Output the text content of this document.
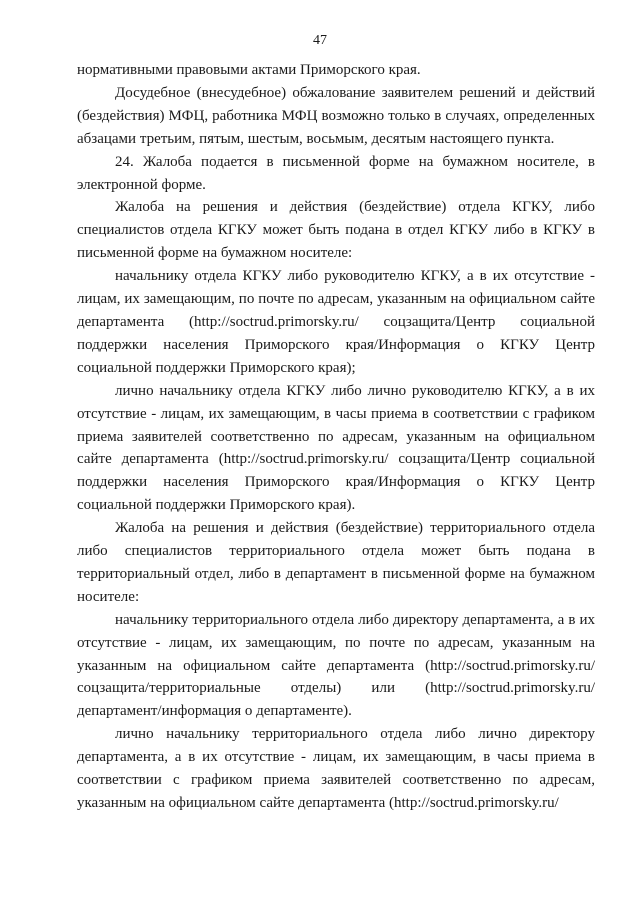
47

нормативными правовыми актами Приморского края.

Досудебное (внесудебное) обжалование заявителем решений и действий (бездействия) МФЦ, работника МФЦ возможно только в случаях, определенных абзацами третьим, пятым, шестым, восьмым, десятым настоящего пункта.

24. Жалоба подается в письменной форме на бумажном носителе, в электронной форме.

Жалоба на решения и действия (бездействие) отдела КГКУ, либо специалистов отдела КГКУ может быть подана в отдел КГКУ либо в КГКУ в письменной форме на бумажном носителе:

начальнику отдела КГКУ либо руководителю КГКУ, а в их отсутствие - лицам, их замещающим, по почте по адресам, указанным на официальном сайте департамента (http://soctrud.primorsky.ru/ соцзащита/Центр социальной поддержки населения Приморского края/Информация о КГКУ Центр социальной поддержки Приморского края);

лично начальнику отдела КГКУ либо лично руководителю КГКУ, а в их отсутствие - лицам, их замещающим, в часы приема в соответствии с графиком приема заявителей соответственно по адресам, указанным на официальном сайте департамента (http://soctrud.primorsky.ru/ соцзащита/Центр социальной поддержки населения Приморского края/Информация о КГКУ Центр социальной поддержки Приморского края).

Жалоба на решения и действия (бездействие) территориального отдела либо специалистов территориального отдела может быть подана в территориальный отдел, либо в департамент в письменной форме на бумажном носителе:

начальнику территориального отдела либо директору департамента, а в их отсутствие - лицам, их замещающим, по почте по адресам, указанным на указанным на официальном сайте департамента (http://soctrud.primorsky.ru/ соцзащита/территориальные отделы) или (http://soctrud.primorsky.ru/ департамент/информация о департаменте).

лично начальнику территориального отдела либо лично директору департамента, а в их отсутствие - лицам, их замещающим, в часы приема в соответствии с графиком приема заявителей соответственно по адресам, указанным на официальном сайте департамента (http://soctrud.primorsky.ru/
